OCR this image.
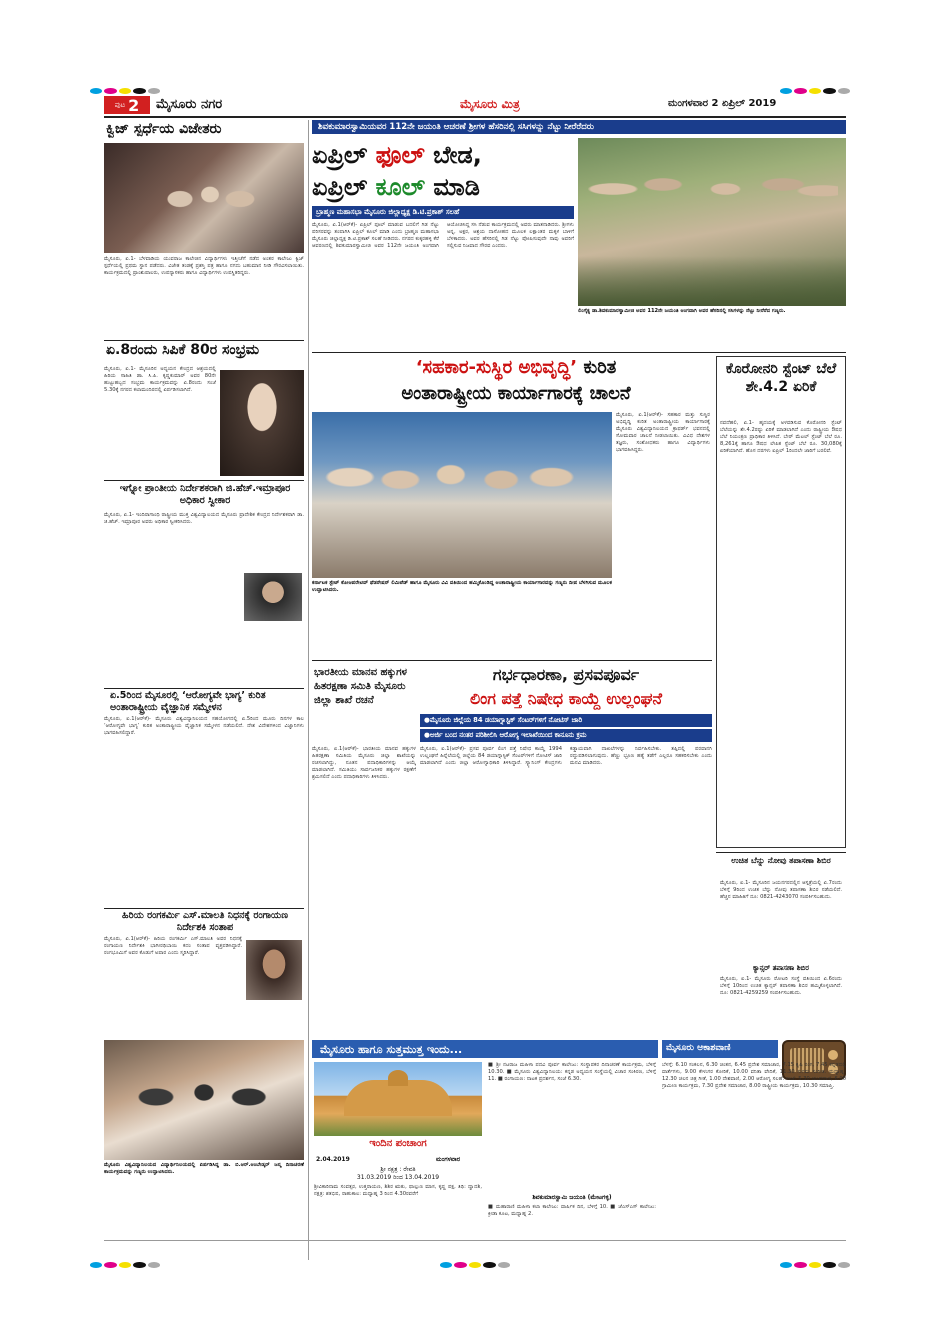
ಪುಟ 2 ಮೈಸೂರು ನಗರ	ಮೈಸೂರು ಮಿತ್ರ	ಮಂಗಳವಾರ 2 ಏಪ್ರಿಲ್ 2019
ಕ್ವಿಜ್ ಸ್ಪರ್ಧೆಯ ವಿಜೇತರು
ಮೈಸೂರು, ಏ.1- ಬೆಳವಾಡಿಯ ಯುವರಾಜ ಕಾಲೇಜಿನ ವಿದ್ಯಾರ್ಥಿಗಳು ಇತ್ತೀಚೆಗೆ ನಡೆದ ಅಂತರ ಕಾಲೇಜು ಕ್ವಿಜ್ ಸ್ಪರ್ಧೆಯಲ್ಲಿ ಪ್ರಥಮ ಸ್ಥಾನ ಪಡೆದರು. ವಿಜೇತ ತಂಡಕ್ಕೆ ಪ್ರಶಸ್ತಿ ಪತ್ರ ಹಾಗೂ ನಗದು ಬಹುಮಾನ ನೀಡಿ ಗೌರವಿಸಲಾಯಿತು. ಕಾರ್ಯಕ್ರಮದಲ್ಲಿ ಪ್ರಾಂಶುಪಾಲರು, ಉಪನ್ಯಾಸಕರು ಹಾಗೂ ವಿದ್ಯಾರ್ಥಿಗಳು ಉಪಸ್ಥಿತರಿದ್ದರು.
ಏ.8ರಂದು ಸಿಪಿಕೆ 80ರ ಸಂಭ್ರಮ
ಮೈಸೂರು, ಏ.1- ಮೈಸೂರಿನ ಅಧ್ಯಯನ ಕೇಂದ್ರದ ಆಶ್ರಯದಲ್ಲಿ ಹಿರಿಯ ಸಾಹಿತಿ ಡಾ. ಸಿ.ಪಿ. ಕೃಷ್ಣಕುಮಾರ್ ಅವರ 80ನೇ ಹುಟ್ಟುಹಬ್ಬದ ಸಂಭ್ರಮ ಕಾರ್ಯಕ್ರಮವನ್ನು ಏ.8ರಂದು ಸಂಜೆ 5.30ಕ್ಕೆ ನಗರದ ಕಲಾಮಂದಿರದಲ್ಲಿ ಏರ್ಪಡಿಸಲಾಗಿದೆ.
ಇಗ್ನೋ ಪ್ರಾಂತೀಯ ನಿರ್ದೇಶಕರಾಗಿ ಜಿ.ಹೆಚ್.ಇಮ್ರಾಪೂರ ಅಧಿಕಾರ ಸ್ವೀಕಾರ
ಮೈಸೂರು, ಏ.1- ಇಂದಿರಾಗಾಂಧಿ ರಾಷ್ಟ್ರೀಯ ಮುಕ್ತ ವಿಶ್ವವಿದ್ಯಾಲಯದ ಮೈಸೂರು ಪ್ರಾದೇಶಿಕ ಕೇಂದ್ರದ ನಿರ್ದೇಶಕರಾಗಿ ಡಾ. ಜಿ.ಹೆಚ್. ಇಮ್ರಾಪೂರ ಅವರು ಅಧಿಕಾರ ಸ್ವೀಕರಿಸಿದರು.
ಏ.5ರಿಂದ ಮೈಸೂರಲ್ಲಿ ‘ಆರೋಗ್ಯವೇ ಭಾಗ್ಯ’ ಕುರಿತ ಅಂತಾರಾಷ್ಟ್ರೀಯ ವೈಜ್ಞಾನಿಕ ಸಮ್ಮೇಳನ
ಮೈಸೂರು, ಏ.1(ಆರ್‌ಕೆ)- ಮೈಸೂರು ವಿಶ್ವವಿದ್ಯಾನಿಲಯದ ಸಹಯೋಗದಲ್ಲಿ ಏ.5ರಿಂದ ಮೂರು ದಿನಗಳ ಕಾಲ ‘ಆರೋಗ್ಯವೇ ಭಾಗ್ಯ’ ಕುರಿತ ಅಂತಾರಾಷ್ಟ್ರೀಯ ವೈಜ್ಞಾನಿಕ ಸಮ್ಮೇಳನ ನಡೆಯಲಿದೆ. ದೇಶ ವಿದೇಶಗಳಿಂದ ವಿಜ್ಞಾನಿಗಳು ಭಾಗವಹಿಸಲಿದ್ದಾರೆ.
ಹಿರಿಯ ರಂಗಕರ್ಮಿ ಎಸ್.ಮಾಲತಿ ನಿಧನಕ್ಕೆ ರಂಗಾಯಣ ನಿರ್ದೇಶಕಿ ಸಂತಾಪ
ಮೈಸೂರು, ಏ.1(ಆರ್‌ಕೆ)- ಹಿರಿಯ ರಂಗಕರ್ಮಿ ಎಸ್.ಮಾಲತಿ ಅವರ ನಿಧನಕ್ಕೆ ರಂಗಾಯಣ ನಿರ್ದೇಶಕಿ ಭಾಗೀರಥಿಬಾಯಿ ಕದಂ ಸಂತಾಪ ವ್ಯಕ್ತಪಡಿಸಿದ್ದಾರೆ. ರಂಗಭೂಮಿಗೆ ಅವರ ಕೊಡುಗೆ ಅಪಾರ ಎಂದು ಸ್ಮರಿಸಿದ್ದಾರೆ.
ಮೈಸೂರು ವಿಶ್ವವಿದ್ಯಾನಿಲಯದ ವಿದ್ಯಾರ್ಥಿನಿಲಯದಲ್ಲಿ ಏರ್ಪಡಿಸಿದ್ದ ಡಾ. ಬಿ.ಆರ್.ಅಂಬೇಡ್ಕರ್ ಜನ್ಮ ದಿನಾಚರಣೆ ಕಾರ್ಯಕ್ರಮವನ್ನು ಗಣ್ಯರು ಉದ್ಘಾಟಿಸಿದರು.
ಶಿವಕುಮಾರಸ್ವಾಮಿಯವರ 112ನೇ ಜಯಂತಿ ಆಚರಣೆ ಶ್ರೀಗಳ ಹೆಸರಿನಲ್ಲಿ ಸಸಿಗಳನ್ನು ನೆಟ್ಟು ನೀರೆರೆದರು
ಏಪ್ರಿಲ್ ಫೂಲ್ ಬೇಡ,
ಏಪ್ರಿಲ್ ಕೂಲ್ ಮಾಡಿ
ಬ್ರಾಹ್ಮಣ ಮಹಾಸಭಾ ಮೈಸೂರು ಜಿಲ್ಲಾಧ್ಯಕ್ಷ ಡಿ.ಟಿ.ಪ್ರಕಾಶ್ ಸಲಹೆ
ಮೈಸೂರು, ಏ.1(ಆರ್‌ಕೆ)- ಏಪ್ರಿಲ್ ಫೂಲ್ ಮಾಡುವ ಬದಲಿಗೆ ಗಿಡ ನೆಟ್ಟು ಪರಿಸರವನ್ನು ತಂಪಾಗಿಸಿ ಏಪ್ರಿಲ್ ಕೂಲ್ ಮಾಡಿ ಎಂದು ಬ್ರಾಹ್ಮಣ ಮಹಾಸಭಾ ಮೈಸೂರು ಜಿಲ್ಲಾಧ್ಯಕ್ಷ ಡಿ.ಟಿ.ಪ್ರಕಾಶ್ ಸಲಹೆ ನೀಡಿದರು. ನಗರದ ಕುಕ್ಕರಹಳ್ಳಿ ಕೆರೆ ಆವರಣದಲ್ಲಿ ಶಿವಕುಮಾರಸ್ವಾಮೀಜಿ ಅವರ 112ನೇ ಜಯಂತಿ ಅಂಗವಾಗಿ ಆಯೋಜಿಸಿದ್ದ ಸಸಿ ನೆಡುವ ಕಾರ್ಯಕ್ರಮದಲ್ಲಿ ಅವರು ಮಾತನಾಡಿದರು. ಶ್ರೀಗಳು ಅನ್ನ, ಅಕ್ಷರ, ಆಶ್ರಯ ದಾಸೋಹದ ಮೂಲಕ ಲಕ್ಷಾಂತರ ಮಕ್ಕಳ ಬಾಳಿಗೆ ಬೆಳಕಾದರು. ಅವರ ಹೆಸರಿನಲ್ಲಿ ಗಿಡ ನೆಟ್ಟು ಪೋಷಿಸುವುದೇ ನಾವು ಅವರಿಗೆ ಸಲ್ಲಿಸುವ ನಿಜವಾದ ಗೌರವ ಎಂದರು.
ಲಿಂಗೈಕ್ಯ ಡಾ.ಶಿವಕುಮಾರಸ್ವಾಮೀಜಿ ಅವರ 112ನೇ ಜಯಂತಿ ಅಂಗವಾಗಿ ಅವರ ಹೆಸರಿನಲ್ಲಿ ಸಸಿಗಳನ್ನು ನೆಟ್ಟು ನೀರೆರೆದ ಗಣ್ಯರು.
‘ಸಹಕಾರ-ಸುಸ್ಥಿರ ಅಭಿವೃದ್ಧಿ’ ಕುರಿತ
ಅಂತಾರಾಷ್ಟ್ರೀಯ ಕಾರ್ಯಾಗಾರಕ್ಕೆ ಚಾಲನೆ
ಮೈಸೂರು, ಏ.1(ಆರ್‌ಕೆ)- ಸಹಕಾರ ಮತ್ತು ಸುಸ್ಥಿರ ಅಭಿವೃದ್ಧಿ ಕುರಿತ ಅಂತಾರಾಷ್ಟ್ರೀಯ ಕಾರ್ಯಾಗಾರಕ್ಕೆ ಮೈಸೂರು ವಿಶ್ವವಿದ್ಯಾನಿಲಯದ ಕ್ರಾಫರ್ಡ್ ಭವನದಲ್ಲಿ ಸೋಮವಾರ ಚಾಲನೆ ನೀಡಲಾಯಿತು. ವಿವಿಧ ದೇಶಗಳ ತಜ್ಞರು, ಸಂಶೋಧಕರು ಹಾಗೂ ವಿದ್ಯಾರ್ಥಿಗಳು ಭಾಗವಹಿಸಿದ್ದರು.
ಕರ್ನಾಟಕ ಸ್ಟೇಟ್ ಕೋಆಪರೇಟಿವ್ ಫೆಡರೇಷನ್ ಲಿಮಿಟೆಡ್ ಹಾಗೂ ಮೈಸೂರು ವಿವಿ ವತಿಯಿಂದ ಹಮ್ಮಿಕೊಂಡಿದ್ದ ಅಂತಾರಾಷ್ಟ್ರೀಯ ಕಾರ್ಯಾಗಾರವನ್ನು ಗಣ್ಯರು ದೀಪ ಬೆಳಗಿಸುವ ಮೂಲಕ ಉದ್ಘಾಟಿಸಿದರು.
ಕೊರೋನರಿ ಸ್ಟೆಂಟ್ ಬೆಲೆ ಶೇ.4.2 ಏರಿಕೆ
ನವದೆಹಲಿ, ಏ.1- ಹೃದಯಕ್ಕೆ ಅಳವಡಿಸುವ ಕೊರೋನರಿ ಸ್ಟೆಂಟ್ ಬೆಲೆಯನ್ನು ಶೇ.4.2ರಷ್ಟು ಏರಿಕೆ ಮಾಡಲಾಗಿದೆ ಎಂದು ರಾಷ್ಟ್ರೀಯ ಔಷಧ ಬೆಲೆ ನಿಯಂತ್ರಣ ಪ್ರಾಧಿಕಾರ ತಿಳಿಸಿದೆ. ಬೇರ್ ಮೆಟಲ್ ಸ್ಟೆಂಟ್ ಬೆಲೆ ರೂ. 8,261ಕ್ಕೆ ಹಾಗೂ ಔಷಧ ಲೇಪಿತ ಸ್ಟೆಂಟ್ ಬೆಲೆ ರೂ. 30,080ಕ್ಕೆ ಏರಿಕೆಯಾಗಿದೆ. ಹೊಸ ದರಗಳು ಏಪ್ರಿಲ್ 1ರಿಂದಲೇ ಜಾರಿಗೆ ಬರಲಿವೆ.
ಉಚಿತ ಬೆನ್ನು ನೋವು ತಪಾಸಣಾ ಶಿಬಿರ
ಮೈಸೂರು, ಏ.1- ಮೈಸೂರಿನ ಜಯನಗರದಲ್ಲಿನ ಆಸ್ಪತ್ರೆಯಲ್ಲಿ ಏ.7ರಂದು ಬೆಳಿಗ್ಗೆ 9ರಿಂದ ಉಚಿತ ಬೆನ್ನು ನೋವು ತಪಾಸಣಾ ಶಿಬಿರ ನಡೆಯಲಿದೆ. ಹೆಚ್ಚಿನ ಮಾಹಿತಿಗೆ ದೂ: 0821-4243070 ಸಂಪರ್ಕಿಸಬಹುದು.
ಕ್ಯಾನ್ಸರ್ ತಪಾಸಣಾ ಶಿಬಿರ
ಮೈಸೂರು, ಏ.1- ಮೈಸೂರು ರೋಟರಿ ಸಂಸ್ಥೆ ವತಿಯಿಂದ ಏ.6ರಂದು ಬೆಳಿಗ್ಗೆ 10ರಿಂದ ಉಚಿತ ಕ್ಯಾನ್ಸರ್ ತಪಾಸಣಾ ಶಿಬಿರ ಹಮ್ಮಿಕೊಳ್ಳಲಾಗಿದೆ. ದೂ: 0821-4259259 ಸಂಪರ್ಕಿಸಬಹುದು.
ಭಾರತೀಯ ಮಾನವ ಹಕ್ಕುಗಳ ಹಿತರಕ್ಷಣಾ ಸಮಿತಿ ಮೈಸೂರು ಜಿಲ್ಲಾ ಶಾಖೆ ರಚನೆ
ಮೈಸೂರು, ಏ.1(ಆರ್‌ಕೆ)- ಭಾರತೀಯ ಮಾನವ ಹಕ್ಕುಗಳ ಹಿತರಕ್ಷಣಾ ಸಮಿತಿಯ ಮೈಸೂರು ಜಿಲ್ಲಾ ಶಾಖೆಯನ್ನು ರಚಿಸಲಾಗಿದ್ದು, ನೂತನ ಪದಾಧಿಕಾರಿಗಳನ್ನು ಆಯ್ಕೆ ಮಾಡಲಾಗಿದೆ. ಸಮಿತಿಯು ಸಾರ್ವಜನಿಕರ ಹಕ್ಕುಗಳ ರಕ್ಷಣೆಗೆ ಶ್ರಮಿಸಲಿದೆ ಎಂದು ಪದಾಧಿಕಾರಿಗಳು ತಿಳಿಸಿದರು.
ಗರ್ಭಧಾರಣಾ, ಪ್ರಸವಪೂರ್ವ
ಲಿಂಗ ಪತ್ತೆ ನಿಷೇಧ ಕಾಯ್ದೆ ಉಲ್ಲಂಘನೆ
●ಮೈಸೂರು ಜಿಲ್ಲೆಯ 84 ಡಯಾಗ್ನಾಸ್ಟಿಕ್ ಸೆಂಟರ್‌ಗಳಿಗೆ ನೋಟಿಸ್ ಜಾರಿ
●ಅರ್ಜಿ ಬಂದ ನಂತರ ಪರಿಶೀಲಿಸಿ ಆರೋಗ್ಯ ಇಲಾಖೆಯಿಂದ ಕಾನೂನು ಕ್ರಮ
ಮೈಸೂರು, ಏ.1(ಆರ್‌ಕೆ)- ಪ್ರಸವ ಪೂರ್ವ ಲಿಂಗ ಪತ್ತೆ ನಿಷೇಧ ಕಾಯ್ದೆ 1994 ಉಲ್ಲಂಘನೆ ಹಿನ್ನೆಲೆಯಲ್ಲಿ ಜಿಲ್ಲೆಯ 84 ಡಯಾಗ್ನಾಸ್ಟಿಕ್ ಸೆಂಟರ್‌ಗಳಿಗೆ ನೋಟಿಸ್ ಜಾರಿ ಮಾಡಲಾಗಿದೆ ಎಂದು ಜಿಲ್ಲಾ ಆರೋಗ್ಯಾಧಿಕಾರಿ ತಿಳಿಸಿದ್ದಾರೆ. ಸ್ಕ್ಯಾನಿಂಗ್ ಕೇಂದ್ರಗಳು ಕಡ್ಡಾಯವಾಗಿ ದಾಖಲೆಗಳನ್ನು ನಿರ್ವಹಿಸಬೇಕು. ತಪ್ಪಿದಲ್ಲಿ ಪರವಾನಗಿ ರದ್ದುಪಡಿಸಲಾಗುವುದು. ಹೆಣ್ಣು ಭ್ರೂಣ ಹತ್ಯೆ ತಡೆಗೆ ಎಲ್ಲರೂ ಸಹಕರಿಸಬೇಕು ಎಂದು ಮನವಿ ಮಾಡಿದರು.
ಮೈಸೂರು ಹಾಗೂ ಸುತ್ತಮುತ್ತ ಇಂದು...
ಇಂದಿನ ಪಂಚಾಂಗ
2.04.2019	ಮಂಗಳವಾರ
ಶ್ರೀ ನಕ್ಷತ್ರ : ರೇವತಿ
31.03.2019 ರಿಂದ 13.04.2019
ಶ್ರೀವಿಕಾರಿನಾಮ ಸಂವತ್ಸರ, ಉತ್ತರಾಯಣ, ಶಿಶಿರ ಋತು, ಫಾಲ್ಗುಣ ಮಾಸ, ಕೃಷ್ಣ ಪಕ್ಷ, ತಿಥಿ: ದ್ವಾದಶಿ, ನಕ್ಷತ್ರ: ಶತಭಿಷ, ರಾಹುಕಾಲ: ಮಧ್ಯಾಹ್ನ 3 ರಿಂದ 4.30ರವರೆಗೆ
■ ಶ್ರೀ ನಟರಾಜ ಮಹಿಳಾ ಪದವಿ ಪೂರ್ವ ಕಾಲೇಜು: ಸಂಸ್ಥಾಪಕರ ದಿನಾಚರಣೆ ಕಾರ್ಯಕ್ರಮ, ಬೆಳಿಗ್ಗೆ 10.30. ■ ಮೈಸೂರು ವಿಶ್ವವಿದ್ಯಾನಿಲಯ: ಕನ್ನಡ ಅಧ್ಯಯನ ಸಂಸ್ಥೆಯಲ್ಲಿ ವಿಚಾರ ಸಂಕಿರಣ, ಬೆಳಿಗ್ಗೆ 11. ■ ರಂಗಾಯಣ: ನಾಟಕ ಪ್ರದರ್ಶನ, ಸಂಜೆ 6.30.
ಶಿವಕುಮಾರಸ್ವಾಮಿ ಜಯಂತಿ (ಮೇಟಗಳ್ಳಿ)
■ ಮಹಾರಾಣಿ ಮಹಿಳಾ ಕಲಾ ಕಾಲೇಜು: ವಾರ್ಷಿಕ ದಿನ, ಬೆಳಿಗ್ಗೆ 10. ■ ಜೆಎಸ್‌ಎಸ್ ಕಾಲೇಜು: ಕ್ರೀಡಾ ಕೂಟ, ಮಧ್ಯಾಹ್ನ 2.
ಮೈಸೂರು ಆಕಾಶವಾಣಿ
ಬೆಳಗ್ಗೆ: 6.10 ಸಂಕಲನ, 6.30 ಚಿಂತನ, 6.45 ಪ್ರದೇಶ ಸಮಾಚಾರ, 7.15 ಕೃಷಿ ರಂಗ, 7.45 ಕನ್ನಡದಲ್ಲಿ ವಾರ್ತೆಗಳು, 9.00 ಕೇಳುಗರ ಕೋರಿಕೆ, 10.00 ವನಿತಾ ವೇದಿಕೆ, 11.30 ಸುಗಮ ಸಂಗೀತ. ಮಧ್ಯಾಹ್ನ: 12.30 ಚಲನ ಚಿತ್ರ ಗೀತೆ, 1.00 ದೇಶವಾಣಿ, 2.00 ಆರೋಗ್ಯ ಸಲಹೆ. ಸಂಜೆ: 5.30 ಯುವವಾಣಿ, 6.00 ಗ್ರಾಮೀಣ ಕಾರ್ಯಕ್ರಮ, 7.30 ಪ್ರದೇಶ ಸಮಾಚಾರ, 8.00 ರಾಷ್ಟ್ರೀಯ ಕಾರ್ಯಕ್ರಮ, 10.30 ಸಮಾಪ್ತಿ.
